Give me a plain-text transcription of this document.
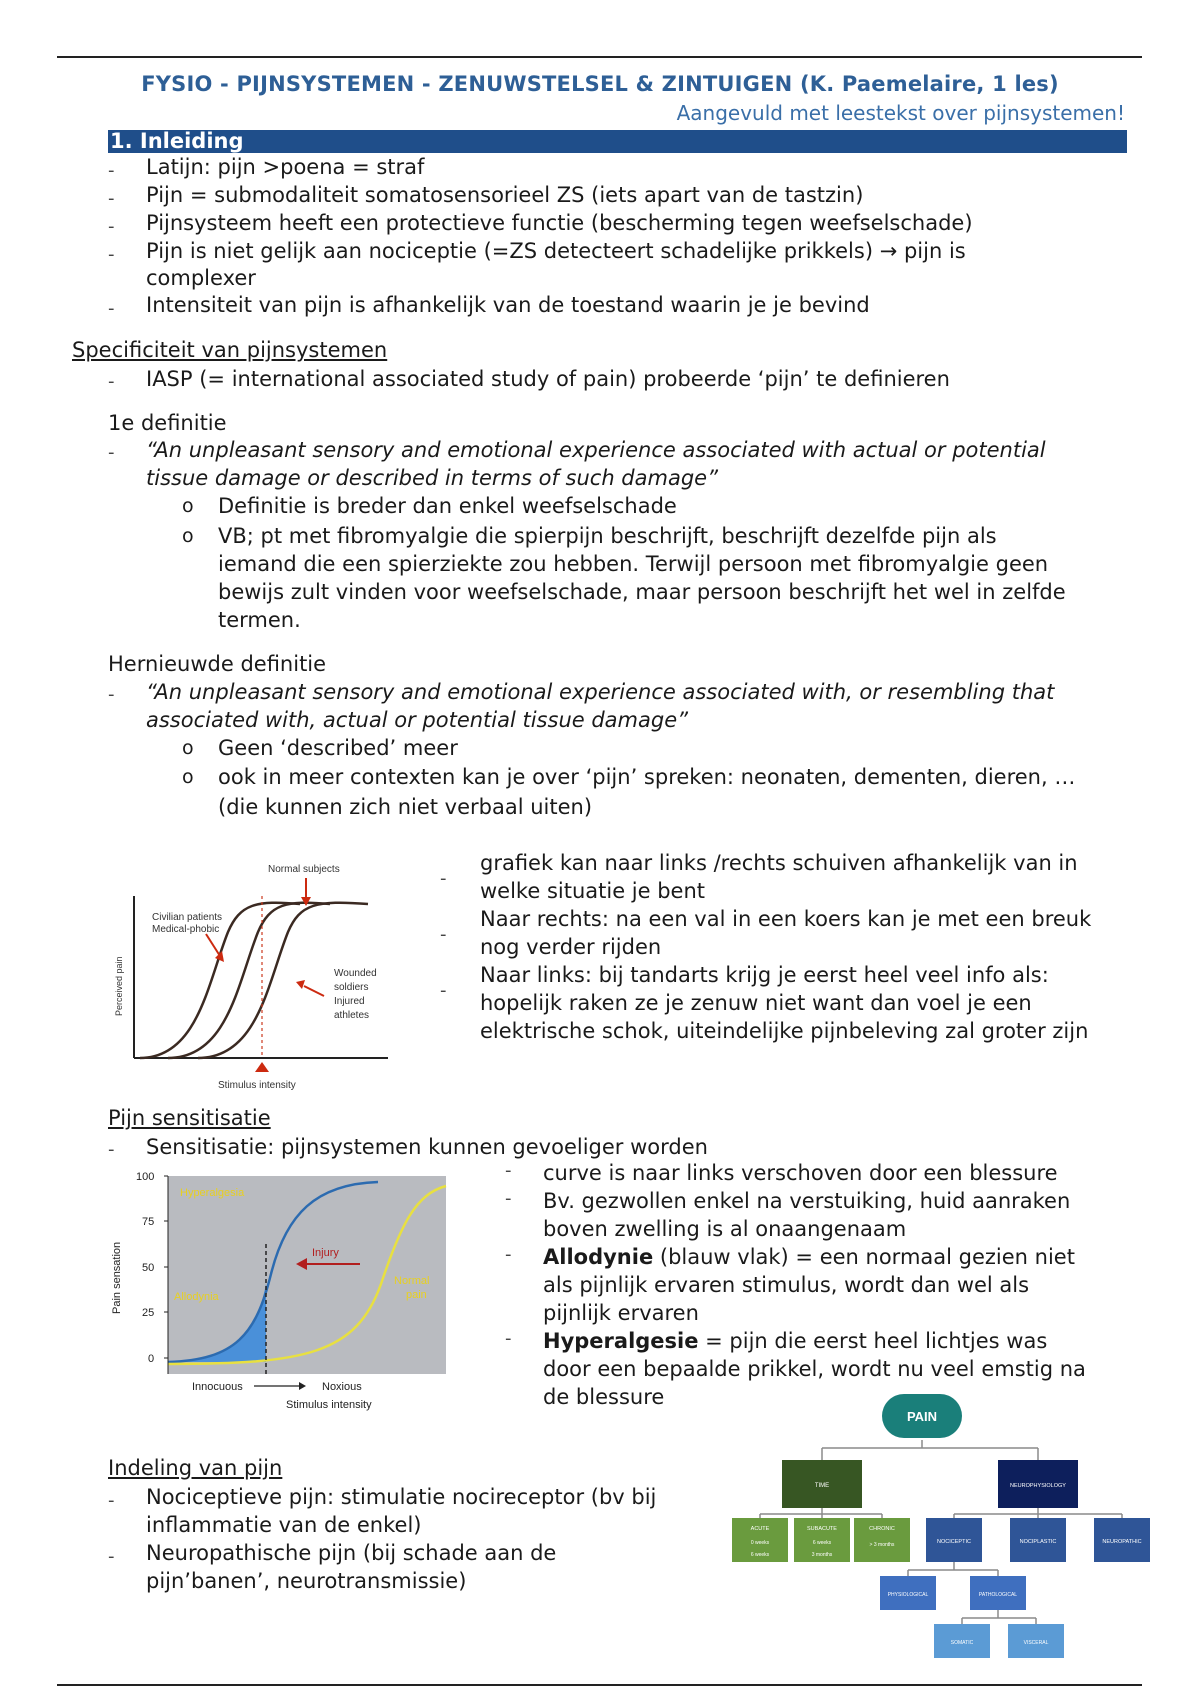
FYSIO - PIJNSYSTEMEN - ZENUWSTELSEL & ZINTUIGEN (K. Paemelaire, 1 les)
Aangevuld met leestekst over pijnsystemen!
1. Inleiding
- Latijn: pijn >poena = straf
- Pijn = submodaliteit somatosensorieel ZS (iets apart van de tastzin)
- Pijnsysteem heeft een protectieve functie (bescherming tegen weefselschade)
- Pijn is niet gelijk aan nociceptie (=ZS detecteert schadelijke prikkels) → pijn is
complexer
- Intensiteit van pijn is afhankelijk van de toestand waarin je je bevind
Specificiteit van pijnsystemen
- IASP (= international associated study of pain) probeerde ‘pijn’ te definieren
1e definitie
- “An unpleasant sensory and emotional experience associated with actual or potential
tissue damage or described in terms of such damage”
o Definitie is breder dan enkel weefselschade
o VB; pt met fibromyalgie die spierpijn beschrijft, beschrijft dezelfde pijn als
iemand die een spierziekte zou hebben. Terwijl persoon met fibromyalgie geen
bewijs zult vinden voor weefselschade, maar persoon beschrijft het wel in zelfde
termen.
Hernieuwde definitie
- “An unpleasant sensory and emotional experience associated with, or resembling that
associated with, actual or potential tissue damage”
o Geen ‘described’ meer
o ook in meer contexten kan je over ‘pijn’ spreken: neonaten, dementen, dieren, …
(die kunnen zich niet verbaal uiten)
Normal subjects
Civilian patients
Medical-phobic
Wounded
soldiers
Injured
athletes
Perceived pain
Stimulus intensity
-
grafiek kan naar links /rechts schuiven afhankelijk van in
welke situatie je bent
-
Naar rechts: na een val in een koers kan je met een breuk
nog verder rijden
-
Naar links: bij tandarts krijg je eerst heel veel info als:
hopelijk raken ze je zenuw niet want dan voel je een
elektrische schok, uiteindelijke pijnbeleving zal groter zijn
Pijn sensitisatie
- Sensitisatie: pijnsystemen kunnen gevoeliger worden
100
75
50
25
0
Pain sensation
Hyperalgesia
Allodynia
Injury
Normal
pain
Innocuous	Noxious
Stimulus intensity
- curve is naar links verschoven door een blessure
- Bv. gezwollen enkel na verstuiking, huid aanraken
boven zwelling is al onaangenaam
- Allodynie (blauw vlak) = een normaal gezien niet
als pijnlijk ervaren stimulus, wordt dan wel als
pijnlijk ervaren
- Hyperalgesie = pijn die eerst heel lichtjes was
door een bepaalde prikkel, wordt nu veel emstig na
de blessure
Indeling van pijn
- Nociceptieve pijn: stimulatie nocireceptor (bv bij
inflammatie van de enkel)
- Neuropathische pijn (bij schade aan de
pijn’banen’, neurotransmissie)
PAIN
TIME	NEUROPHYSIOLOGY
ACUTE
0 weeks
6 weeks
SUBACUTE
6 weeks
3 months
CHRONIC
> 3 months	NOCICEPTIC	NOCIPLASTIC	NEUROPATHIC
PHYSIOLOGICAL	PATHOLOGICAL
SOMATIC	VISCERAL
